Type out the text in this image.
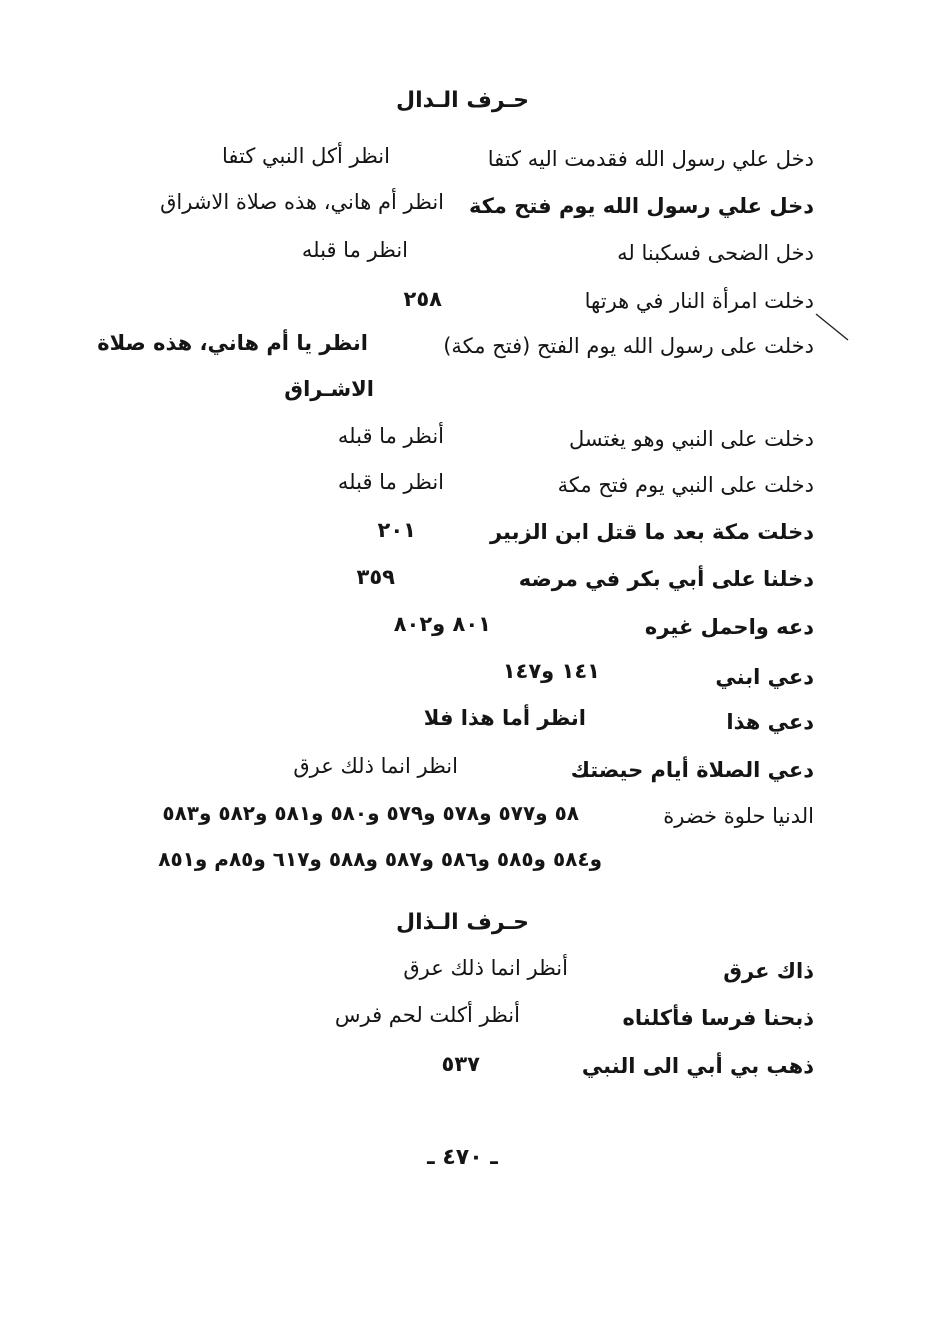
حـرف الـدال
دخل علي رسول الله فقدمت اليه كتفا
انظر أكل النبي كتفا
دخل علي رسول الله يوم فتح مكة
انظر أم هاني، هذه صلاة الاشراق
دخل الضحى فسكبنا له
انظر ما قبله
دخلت امرأة النار في هرتها
٢٥٨
دخلت على رسول الله يوم الفتح (فتح مكة)
انظر يا أم هاني، هذه صلاة
الاشـراق
دخلت على النبي وهو يغتسل
أنظر ما قبله
دخلت على النبي يوم فتح مكة
انظر ما قبله
دخلت مكة بعد ما قتل ابن الزبير
٢٠١
دخلنا على أبي بكر في مرضه
٣٥٩
دعه واحمل غيره
٨٠١ و٨٠٢
دعي ابني
١٤١ و١٤٧
دعي هذا
انظر أما هذا فلا
دعي الصلاة أيام حيضتك
انظر انما ذلك عرق
الدنيا حلوة خضرة
٥٨ و٥٧٧ و٥٧٨ و٥٧٩ و٥٨٠ و٥٨١ و٥٨٢ و٥٨٣
و٥٨٤ و٥٨٥ و٥٨٦ و٥٨٧ و٥٨٨ و٦١٧ و٨٥م و٨٥١
حـرف الـذال
ذاك عرق
أنظر انما ذلك عرق
ذبحنا فرسا فأكلناه
أنظر أكلت لحم فرس
ذهب بي أبي الى النبي
٥٣٧
ـ ٤٧٠ ـ
